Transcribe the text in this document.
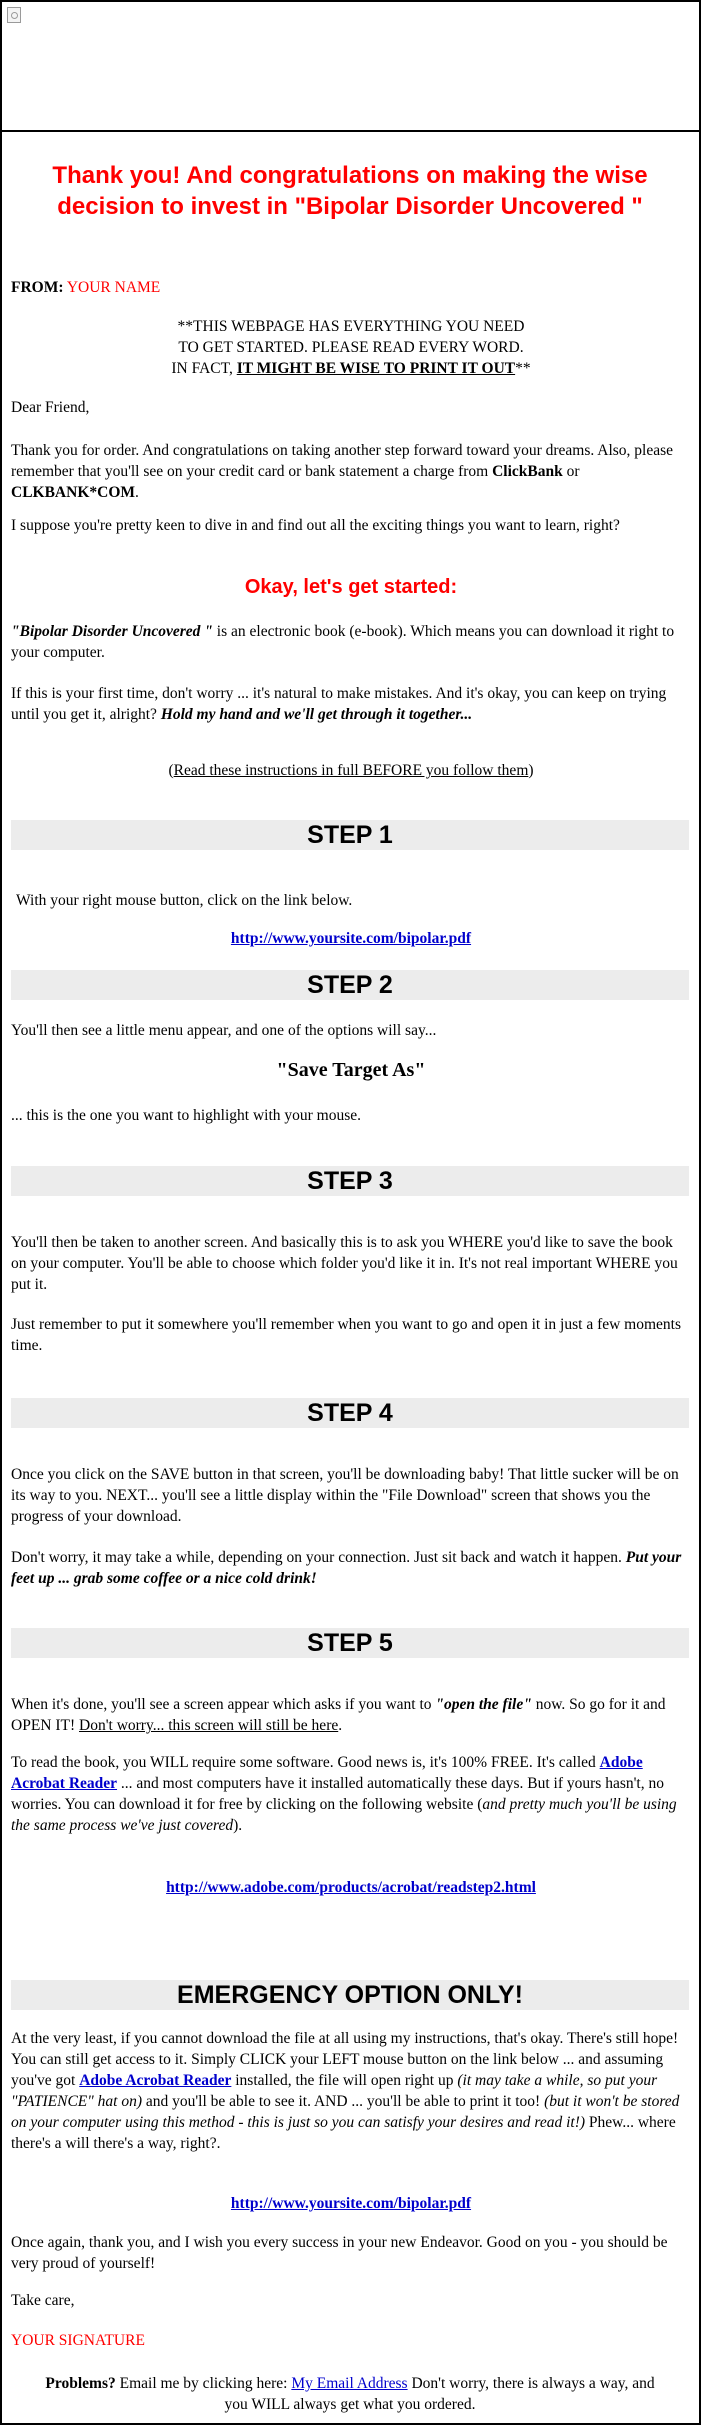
Thank you! And congratulations on making the wise decision to invest in "Bipolar Disorder Uncovered "

FROM: YOUR NAME

**THIS WEBPAGE HAS EVERYTHING YOU NEED
TO GET STARTED. PLEASE READ EVERY WORD.
IN FACT, IT MIGHT BE WISE TO PRINT IT OUT**

Dear Friend,

Thank you for order. And congratulations on taking another step forward toward your dreams. Also, please remember that you'll see on your credit card or bank statement a charge from ClickBank or CLKBANK*COM.

I suppose you're pretty keen to dive in and find out all the exciting things you want to learn, right?

Okay, let's get started:

"Bipolar Disorder Uncovered " is an electronic book (e-book). Which means you can download it right to your computer.

If this is your first time, don't worry ... it's natural to make mistakes. And it's okay, you can keep on trying until you get it, alright? Hold my hand and we'll get through it together...

(Read these instructions in full BEFORE you follow them)

STEP 1

With your right mouse button, click on the link below.

http://www.yoursite.com/bipolar.pdf

STEP 2

You'll then see a little menu appear, and one of the options will say...

"Save Target As"

... this is the one you want to highlight with your mouse.

STEP 3

You'll then be taken to another screen. And basically this is to ask you WHERE you'd like to save the book on your computer. You'll be able to choose which folder you'd like it in. It's not real important WHERE you put it.

Just remember to put it somewhere you'll remember when you want to go and open it in just a few moments time.

STEP 4

Once you click on the SAVE button in that screen, you'll be downloading baby! That little sucker will be on its way to you. NEXT... you'll see a little display within the "File Download" screen that shows you the progress of your download.

Don't worry, it may take a while, depending on your connection. Just sit back and watch it happen. Put your feet up ... grab some coffee or a nice cold drink!

STEP 5

When it's done, you'll see a screen appear which asks if you want to "open the file" now. So go for it and OPEN IT! Don't worry... this screen will still be here.

To read the book, you WILL require some software. Good news is, it's 100% FREE. It's called Adobe Acrobat Reader ... and most computers have it installed automatically these days. But if yours hasn't, no worries. You can download it for free by clicking on the following website (and pretty much you'll be using the same process we've just covered).

http://www.adobe.com/products/acrobat/readstep2.html

EMERGENCY OPTION ONLY!

At the very least, if you cannot download the file at all using my instructions, that's okay. There's still hope! You can still get access to it. Simply CLICK your LEFT mouse button on the link below ... and assuming you've got Adobe Acrobat Reader installed, the file will open right up (it may take a while, so put your "PATIENCE" hat on) and you'll be able to see it. AND ... you'll be able to print it too! (but it won't be stored on your computer using this method - this is just so you can satisfy your desires and read it!) Phew... where there's a will there's a way, right?.

http://www.yoursite.com/bipolar.pdf

Once again, thank you, and I wish you every success in your new Endeavor. Good on you - you should be very proud of yourself!

Take care,

YOUR SIGNATURE

Problems? Email me by clicking here: My Email Address Don't worry, there is always a way, and you WILL always get what you ordered.
